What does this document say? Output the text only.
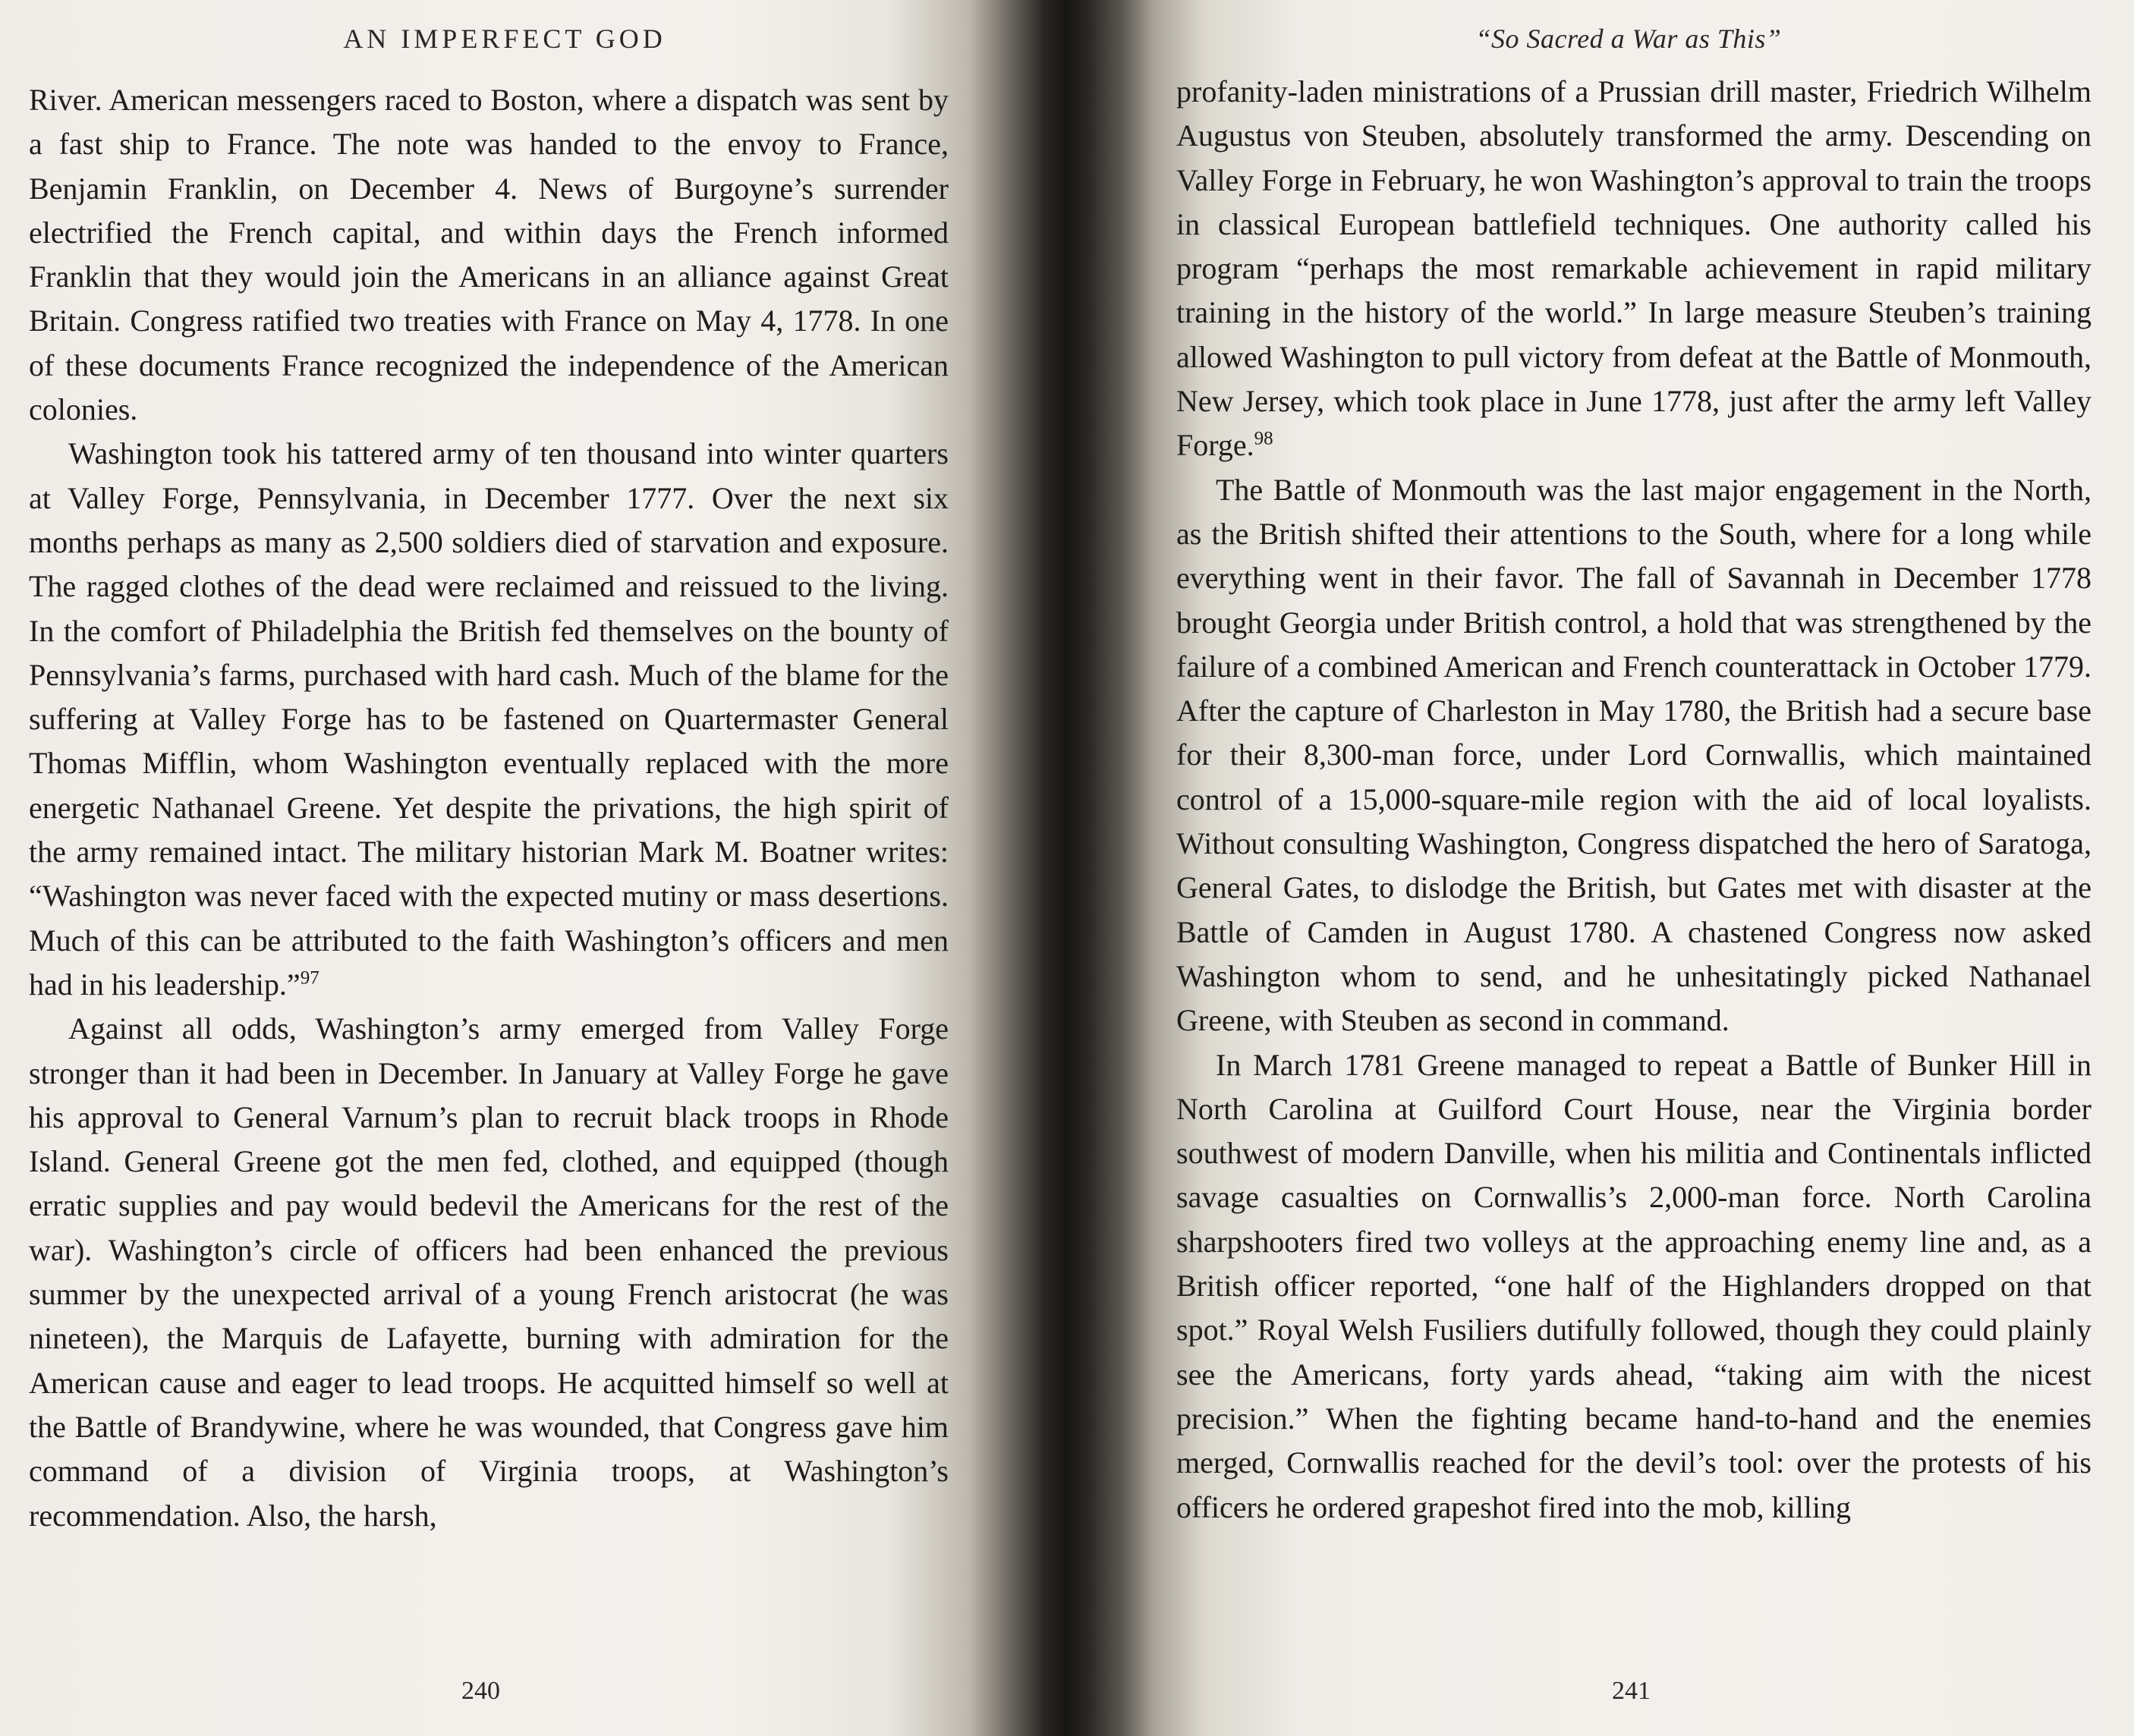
AN IMPERFECT GOD

River. American messengers raced to Boston, where a dispatch was sent by a fast ship to France. The note was handed to the envoy to France, Benjamin Franklin, on December 4. News of Burgoyne’s surrender electrified the French capital, and within days the French informed Franklin that they would join the Americans in an alliance against Great Britain. Congress ratified two treaties with France on May 4, 1778. In one of these documents France recognized the independence of the American colonies.

Washington took his tattered army of ten thousand into winter quarters at Valley Forge, Pennsylvania, in December 1777. Over the next six months perhaps as many as 2,500 soldiers died of starvation and exposure. The ragged clothes of the dead were reclaimed and reissued to the living. In the comfort of Philadelphia the British fed themselves on the bounty of Pennsylvania’s farms, purchased with hard cash. Much of the blame for the suffering at Valley Forge has to be fastened on Quartermaster General Thomas Mifflin, whom Washington eventually replaced with the more energetic Nathanael Greene. Yet despite the privations, the high spirit of the army remained intact. The military historian Mark M. Boatner writes: “Washington was never faced with the expected mutiny or mass desertions. Much of this can be attributed to the faith Washington’s officers and men had in his leadership.”$^{97}$

Against all odds, Washington’s army emerged from Valley Forge stronger than it had been in December. In January at Valley Forge he gave his approval to General Varnum’s plan to recruit black troops in Rhode Island. General Greene got the men fed, clothed, and equipped (though erratic supplies and pay would bedevil the Americans for the rest of the war). Washington’s circle of officers had been enhanced the previous summer by the unexpected arrival of a young French aristocrat (he was nineteen), the Marquis de Lafayette, burning with admiration for the American cause and eager to lead troops. He acquitted himself so well at the Battle of Brandywine, where he was wounded, that Congress gave him command of a division of Virginia troops, at Washington’s recommendation. Also, the harsh,

240
“So Sacred a War as This”

profanity-laden ministrations of a Prussian drill master, Friedrich Wilhelm Augustus von Steuben, absolutely transformed the army. Descending on Valley Forge in February, he won Washington’s approval to train the troops in classical European battlefield techniques. One authority called his program “perhaps the most remarkable achievement in rapid military training in the history of the world.” In large measure Steuben’s training allowed Washington to pull victory from defeat at the Battle of Monmouth, New Jersey, which took place in June 1778, just after the army left Valley Forge.$^{98}$

The Battle of Monmouth was the last major engagement in the North, as the British shifted their attentions to the South, where for a long while everything went in their favor. The fall of Savannah in December 1778 brought Georgia under British control, a hold that was strengthened by the failure of a combined American and French counterattack in October 1779. After the capture of Charleston in May 1780, the British had a secure base for their 8,300-man force, under Lord Cornwallis, which maintained control of a 15,000-square-mile region with the aid of local loyalists. Without consulting Washington, Congress dispatched the hero of Saratoga, General Gates, to dislodge the British, but Gates met with disaster at the Battle of Camden in August 1780. A chastened Congress now asked Washington whom to send, and he unhesitatingly picked Nathanael Greene, with Steuben as second in command.

In March 1781 Greene managed to repeat a Battle of Bunker Hill in North Carolina at Guilford Court House, near the Virginia border southwest of modern Danville, when his militia and Continentals inflicted savage casualties on Cornwallis’s 2,000-man force. North Carolina sharpshooters fired two volleys at the approaching enemy line and, as a British officer reported, “one half of the Highlanders dropped on that spot.” Royal Welsh Fusiliers dutifully followed, though they could plainly see the Americans, forty yards ahead, “taking aim with the nicest precision.” When the fighting became hand-to-hand and the enemies merged, Cornwallis reached for the devil’s tool: over the protests of his officers he ordered grapeshot fired into the mob, killing

241
